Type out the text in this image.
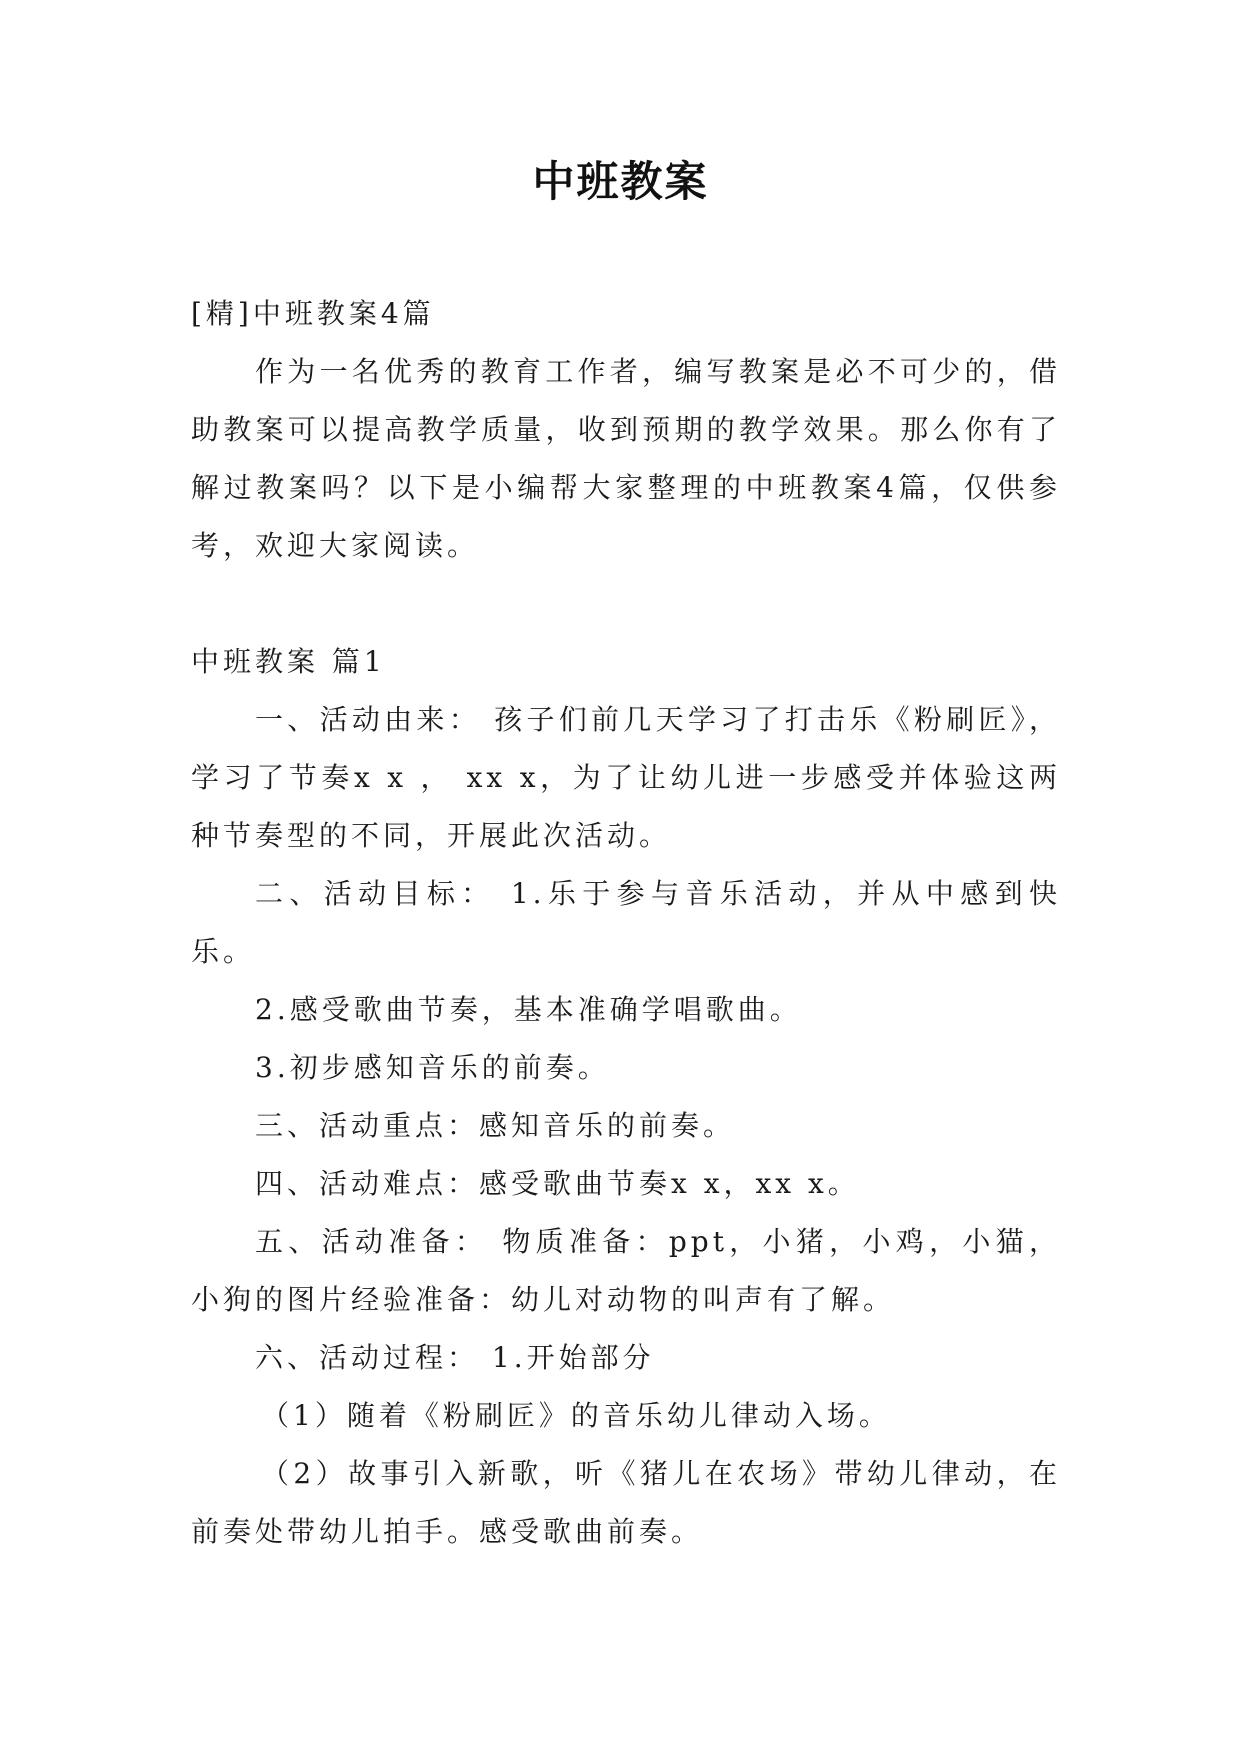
中班教案

[精]中班教案4篇

作为一名优秀的教育工作者，编写教案是必不可少的，借助教案可以提高教学质量，收到预期的教学效果。那么你有了解过教案吗？以下是小编帮大家整理的中班教案4篇，仅供参考，欢迎大家阅读。

中班教案 篇1

一、活动由来： 孩子们前几天学习了打击乐《粉刷匠》，学习了节奏x x ， xx x，为了让幼儿进一步感受并体验这两种节奏型的不同，开展此次活动。

二、活动目标： 1.乐于参与音乐活动，并从中感到快乐。

2.感受歌曲节奏，基本准确学唱歌曲。

3.初步感知音乐的前奏。

三、活动重点：感知音乐的前奏。

四、活动难点：感受歌曲节奏x x，xx x。

五、活动准备： 物质准备：ppt，小猪，小鸡，小猫，小狗的图片经验准备：幼儿对动物的叫声有了解。

六、活动过程： 1.开始部分

（1）随着《粉刷匠》的音乐幼儿律动入场。

（2）故事引入新歌，听《猪儿在农场》带幼儿律动，在前奏处带幼儿拍手。感受歌曲前奏。
